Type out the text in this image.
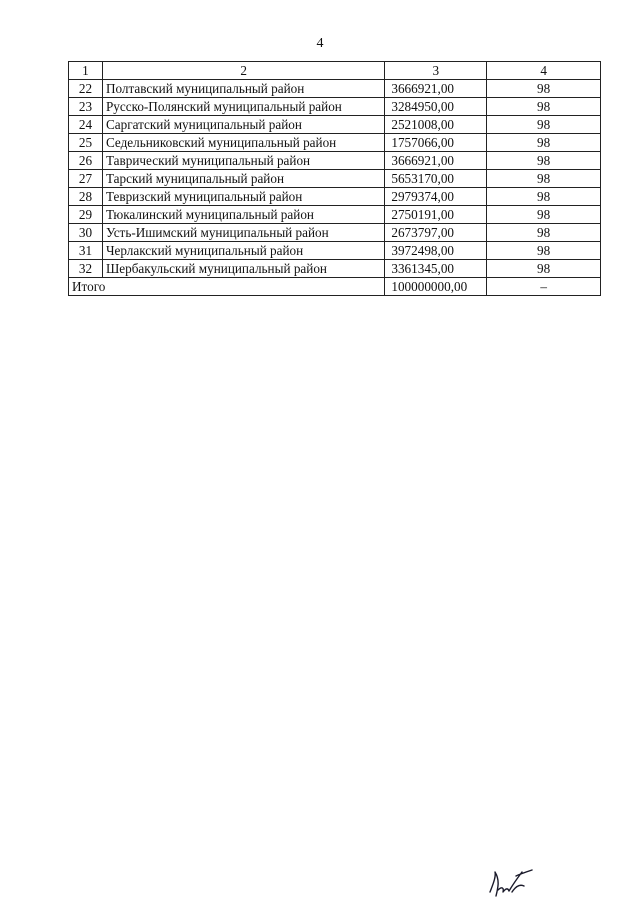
4
1	2	3	4
22	Полтавский муниципальный район	3666921,00	98
23	Русско-Полянский муниципальный район	3284950,00	98
24	Саргатский муниципальный район	2521008,00	98
25	Седельниковский муниципальный район	1757066,00	98
26	Таврический муниципальный район	3666921,00	98
27	Тарский муниципальный район	5653170,00	98
28	Тевризский муниципальный район	2979374,00	98
29	Тюкалинский муниципальный район	2750191,00	98
30	Усть-Ишимский муниципальный район	2673797,00	98
31	Черлакский муниципальный район	3972498,00	98
32	Шербакульский муниципальный район	3361345,00	98
Итого		100000000,00	–
